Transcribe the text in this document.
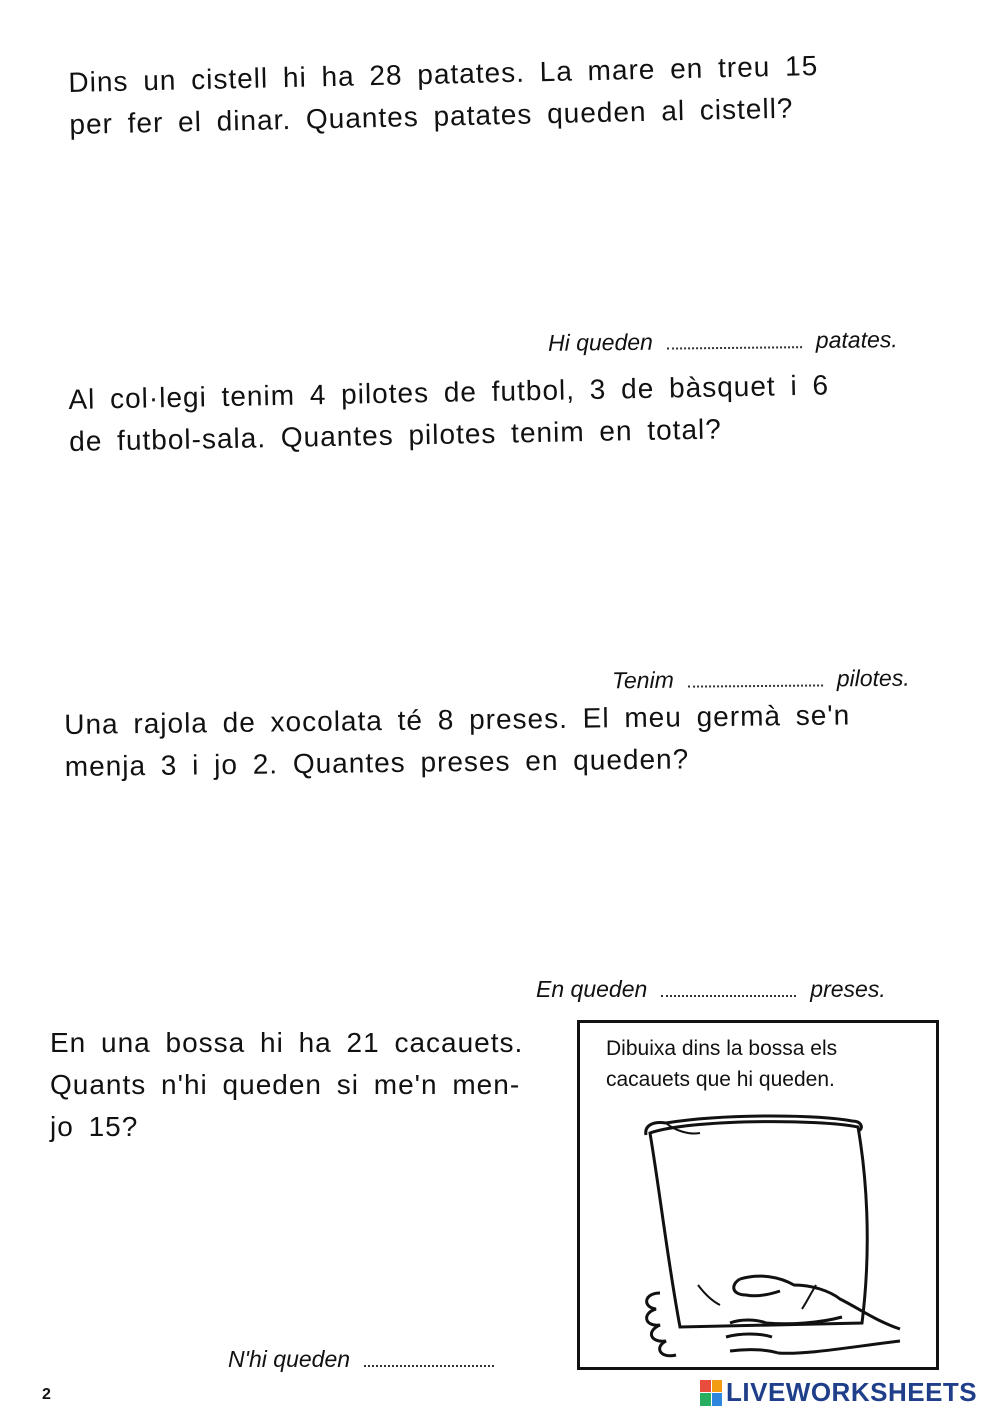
Dins un cistell hi ha 28 patates. La mare en treu 15
per fer el dinar. Quantes patates queden al cistell?
Hi queden	patates.
Al col·legi tenim 4 pilotes de futbol, 3 de bàsquet i 6
de futbol-sala. Quantes pilotes tenim en total?
Tenim	pilotes.
Una rajola de xocolata té 8 preses. El meu germà se'n
menja 3 i jo 2. Quantes preses en queden?
En queden	preses.
En una bossa hi ha 21 cacauets.
Quants n'hi queden si me'n men-
jo 15?
N'hi queden
Dibuixa dins la bossa els
cacauets que hi queden.
2	LIVEWORKSHEETS
